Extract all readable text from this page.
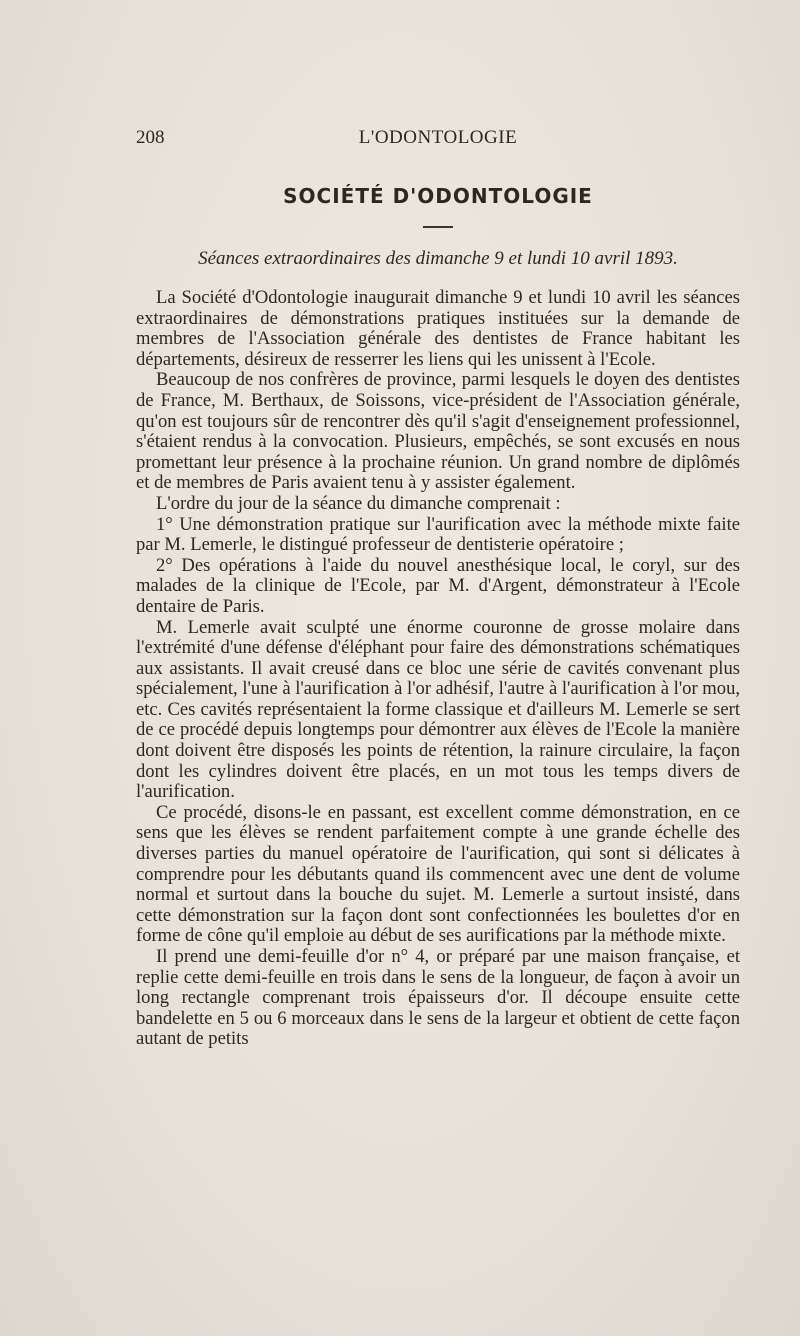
208	L'ODONTOLOGIE
SOCIÉTÉ D'ODONTOLOGIE
Séances extraordinaires des dimanche 9 et lundi 10 avril 1893.

La Société d'Odontologie inaugurait dimanche 9 et lundi 10 avril les séances extraordinaires de démonstrations pratiques instituées sur la demande de membres de l'Association générale des dentistes de France habitant les départements, désireux de resserrer les liens qui les unissent à l'Ecole.

Beaucoup de nos confrères de province, parmi lesquels le doyen des dentistes de France, M. Berthaux, de Soissons, vice-président de l'Association générale, qu'on est toujours sûr de rencontrer dès qu'il s'agit d'enseignement professionnel, s'étaient rendus à la convocation. Plusieurs, empêchés, se sont excusés en nous promettant leur présence à la prochaine réunion. Un grand nombre de diplômés et de membres de Paris avaient tenu à y assister également.

L'ordre du jour de la séance du dimanche comprenait :

1° Une démonstration pratique sur l'aurification avec la méthode mixte faite par M. Lemerle, le distingué professeur de dentisterie opératoire ;

2° Des opérations à l'aide du nouvel anesthésique local, le coryl, sur des malades de la clinique de l'Ecole, par M. d'Argent, démonstrateur à l'Ecole dentaire de Paris.

M. Lemerle avait sculpté une énorme couronne de grosse molaire dans l'extrémité d'une défense d'éléphant pour faire des démonstrations schématiques aux assistants. Il avait creusé dans ce bloc une série de cavités convenant plus spécialement, l'une à l'aurification à l'or adhésif, l'autre à l'aurification à l'or mou, etc. Ces cavités représentaient la forme classique et d'ailleurs M. Lemerle se sert de ce procédé depuis longtemps pour démontrer aux élèves de l'Ecole la manière dont doivent être disposés les points de rétention, la rainure circulaire, la façon dont les cylindres doivent être placés, en un mot tous les temps divers de l'aurification.

Ce procédé, disons-le en passant, est excellent comme démonstration, en ce sens que les élèves se rendent parfaitement compte à une grande échelle des diverses parties du manuel opératoire de l'aurification, qui sont si délicates à comprendre pour les débutants quand ils commencent avec une dent de volume normal et surtout dans la bouche du sujet. M. Lemerle a surtout insisté, dans cette démonstration sur la façon dont sont confectionnées les boulettes d'or en forme de cône qu'il emploie au début de ses aurifications par la méthode mixte.

Il prend une demi-feuille d'or n° 4, or préparé par une maison française, et replie cette demi-feuille en trois dans le sens de la longueur, de façon à avoir un long rectangle comprenant trois épaisseurs d'or. Il découpe ensuite cette bandelette en 5 ou 6 morceaux dans le sens de la largeur et obtient de cette façon autant de petits
